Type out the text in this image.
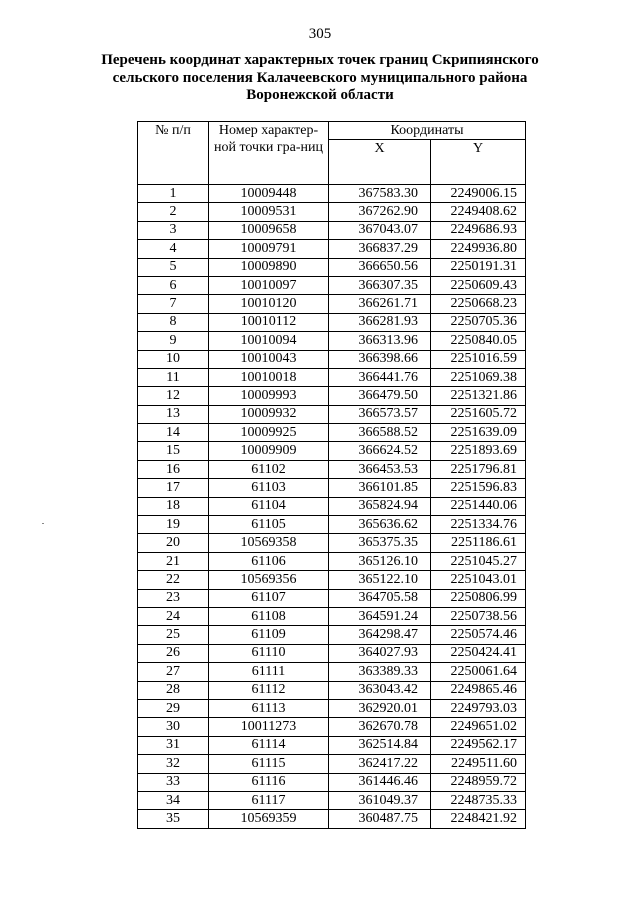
305
Перечень координат характерных точек границ Скрипиянского
сельского поселения Калачеевского муниципального района
Воронежской области
№ п/п	Номер характер-ной точки гра-ниц	Координаты	
		X	Y
1	10009448	367583.30	2249006.15
2	10009531	367262.90	2249408.62
3	10009658	367043.07	2249686.93
4	10009791	366837.29	2249936.80
5	10009890	366650.56	2250191.31
6	10010097	366307.35	2250609.43
7	10010120	366261.71	2250668.23
8	10010112	366281.93	2250705.36
9	10010094	366313.96	2250840.05
10	10010043	366398.66	2251016.59
11	10010018	366441.76	2251069.38
12	10009993	366479.50	2251321.86
13	10009932	366573.57	2251605.72
14	10009925	366588.52	2251639.09
15	10009909	366624.52	2251893.69
16	61102	366453.53	2251796.81
17	61103	366101.85	2251596.83
18	61104	365824.94	2251440.06
19	61105	365636.62	2251334.76
20	10569358	365375.35	2251186.61
21	61106	365126.10	2251045.27
22	10569356	365122.10	2251043.01
23	61107	364705.58	2250806.99
24	61108	364591.24	2250738.56
25	61109	364298.47	2250574.46
26	61110	364027.93	2250424.41
27	61111	363389.33	2250061.64
28	61112	363043.42	2249865.46
29	61113	362920.01	2249793.03
30	10011273	362670.78	2249651.02
31	61114	362514.84	2249562.17
32	61115	362417.22	2249511.60
33	61116	361446.46	2248959.72
34	61117	361049.37	2248735.33
35	10569359	360487.75	2248421.92
